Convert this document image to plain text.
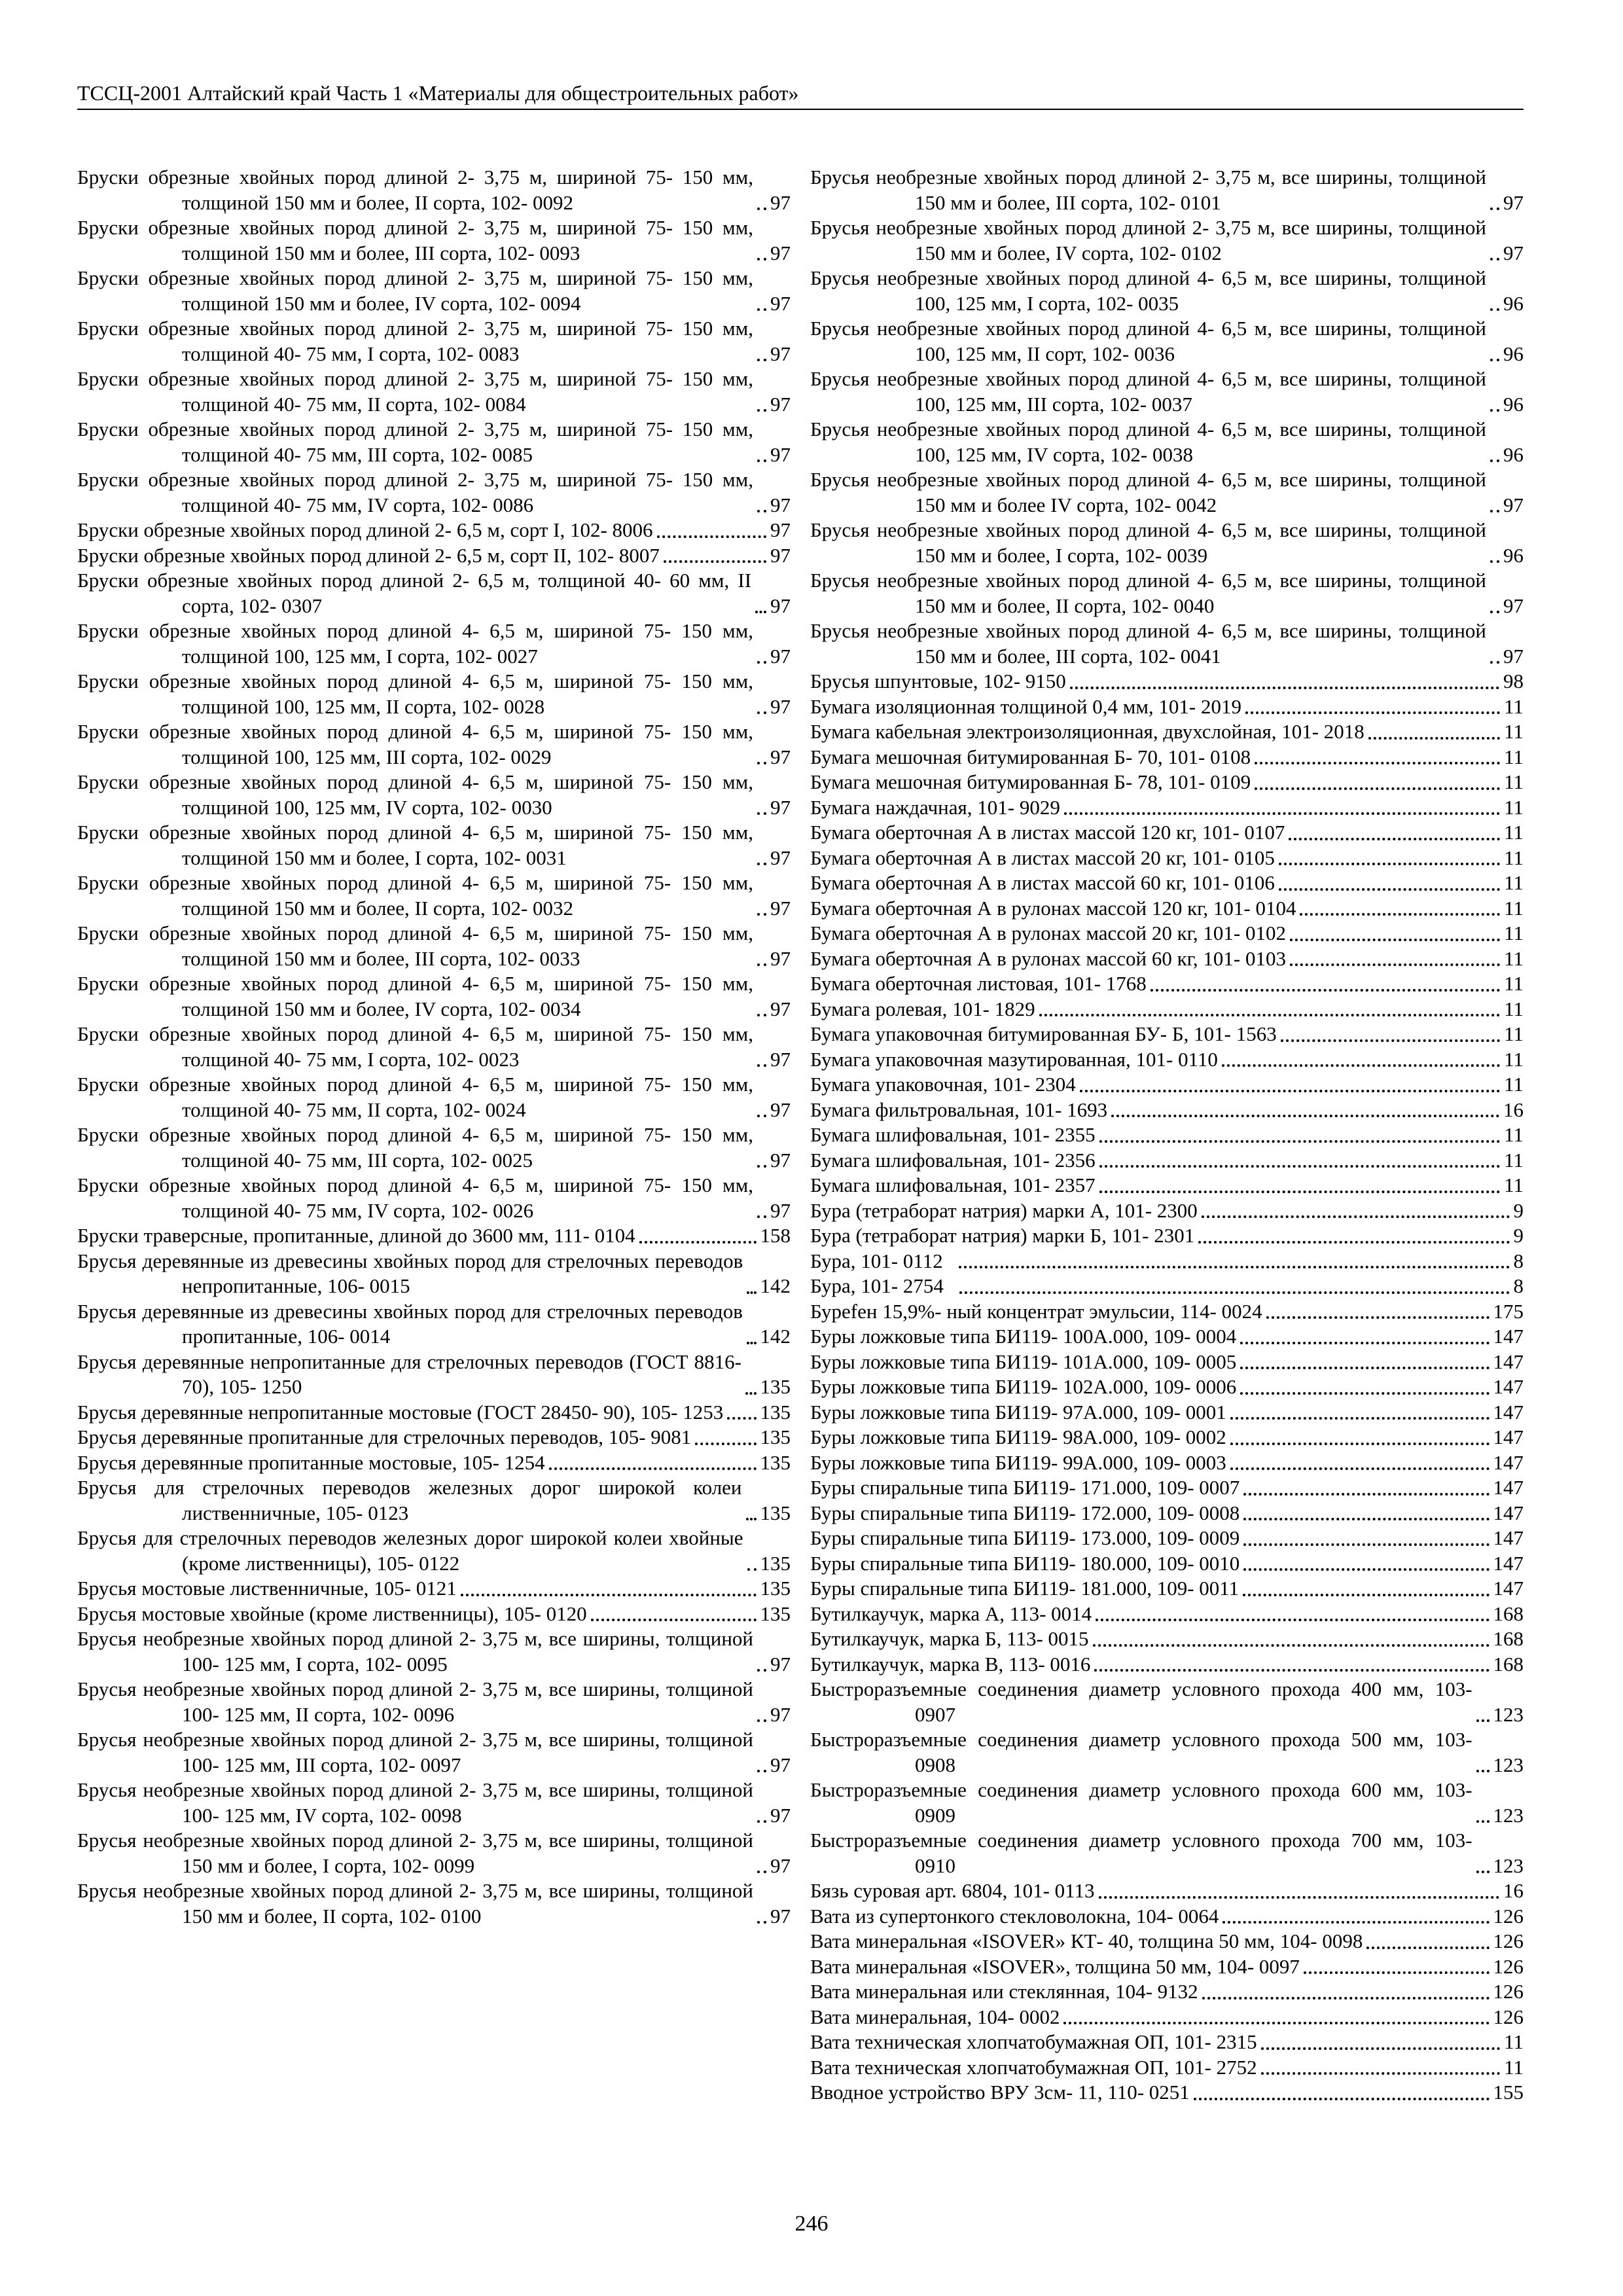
ТССЦ-2001 Алтайский край Часть 1 «Материалы для общестроительных работ»
Бруски обрезные хвойных пород длиной 2- 3,75 м, шириной 75- 150 мм, толщиной 150 мм и более, II сорта, 102- 0092	97
Бруски обрезные хвойных пород длиной 2- 3,75 м, шириной 75- 150 мм, толщиной 150 мм и более, III сорта, 102- 0093	97
Бруски обрезные хвойных пород длиной 2- 3,75 м, шириной 75- 150 мм, толщиной 150 мм и более, IV сорта, 102- 0094	97
Бруски обрезные хвойных пород длиной 2- 3,75 м, шириной 75- 150 мм, толщиной 40- 75 мм, I сорта, 102- 0083	97
Бруски обрезные хвойных пород длиной 2- 3,75 м, шириной 75- 150 мм, толщиной 40- 75 мм, II сорта, 102- 0084	97
Бруски обрезные хвойных пород длиной 2- 3,75 м, шириной 75- 150 мм, толщиной 40- 75 мм, III сорта, 102- 0085	97
Бруски обрезные хвойных пород длиной 2- 3,75 м, шириной 75- 150 мм, толщиной 40- 75 мм, IV сорта, 102- 0086	97
Бруски обрезные хвойных пород длиной 2- 6,5 м, сорт I, 102- 8006	97
Бруски обрезные хвойных пород длиной 2- 6,5 м, сорт II, 102- 8007	97
Бруски обрезные хвойных пород длиной 2- 6,5 м, толщиной 40- 60 мм, II сорта, 102- 0307	97
Бруски обрезные хвойных пород длиной 4- 6,5 м, шириной 75- 150 мм, толщиной 100, 125 мм, I сорта, 102- 0027	97
Бруски обрезные хвойных пород длиной 4- 6,5 м, шириной 75- 150 мм, толщиной 100, 125 мм, II сорта, 102- 0028	97
Бруски обрезные хвойных пород длиной 4- 6,5 м, шириной 75- 150 мм, толщиной 100, 125 мм, III сорта, 102- 0029	97
Бруски обрезные хвойных пород длиной 4- 6,5 м, шириной 75- 150 мм, толщиной 100, 125 мм, IV сорта, 102- 0030	97
Бруски обрезные хвойных пород длиной 4- 6,5 м, шириной 75- 150 мм, толщиной 150 мм и более, I сорта, 102- 0031	97
Бруски обрезные хвойных пород длиной 4- 6,5 м, шириной 75- 150 мм, толщиной 150 мм и более, II сорта, 102- 0032	97
Бруски обрезные хвойных пород длиной 4- 6,5 м, шириной 75- 150 мм, толщиной 150 мм и более, III сорта, 102- 0033	97
Бруски обрезные хвойных пород длиной 4- 6,5 м, шириной 75- 150 мм, толщиной 150 мм и более, IV сорта, 102- 0034	97
Бруски обрезные хвойных пород длиной 4- 6,5 м, шириной 75- 150 мм, толщиной 40- 75 мм, I сорта, 102- 0023	97
Бруски обрезные хвойных пород длиной 4- 6,5 м, шириной 75- 150 мм, толщиной 40- 75 мм, II сорта, 102- 0024	97
Бруски обрезные хвойных пород длиной 4- 6,5 м, шириной 75- 150 мм, толщиной 40- 75 мм, III сорта, 102- 0025	97
Бруски обрезные хвойных пород длиной 4- 6,5 м, шириной 75- 150 мм, толщиной 40- 75 мм, IV сорта, 102- 0026	97
Бруски траверсные, пропитанные, длиной до 3600 мм, 111- 0104	158
Брусья деревянные из древесины хвойных пород для стрелочных переводов непропитанные, 106- 0015	142
Брусья деревянные из древесины хвойных пород для стрелочных переводов пропитанные, 106- 0014	142
Брусья деревянные непропитанные для стрелочных переводов (ГОСТ 8816- 70), 105- 1250	135
Брусья деревянные непропитанные мостовые (ГОСТ 28450- 90), 105- 1253 135
Брусья деревянные пропитанные для стрелочных переводов, 105- 9081	135
Брусья деревянные пропитанные мостовые, 105- 1254	135
Брусья для стрелочных переводов железных дорог широкой колеи лиственничные, 105- 0123	135
Брусья для стрелочных переводов железных дорог широкой колеи хвойные (кроме лиственницы), 105- 0122	135
Брусья мостовые лиственничные, 105- 0121	135
Брусья мостовые хвойные (кроме лиственницы), 105- 0120	135
Брусья необрезные хвойных пород длиной 2- 3,75 м, все ширины, толщиной 100- 125 мм, I сорта, 102- 0095	97
Брусья необрезные хвойных пород длиной 2- 3,75 м, все ширины, толщиной 100- 125 мм, II сорта, 102- 0096	97
Брусья необрезные хвойных пород длиной 2- 3,75 м, все ширины, толщиной 100- 125 мм, III сорта, 102- 0097	97
Брусья необрезные хвойных пород длиной 2- 3,75 м, все ширины, толщиной 100- 125 мм, IV сорта, 102- 0098	97
Брусья необрезные хвойных пород длиной 2- 3,75 м, все ширины, толщиной 150 мм и более, I сорта, 102- 0099	97
Брусья необрезные хвойных пород длиной 2- 3,75 м, все ширины, толщиной 150 мм и более, II сорта, 102- 0100	97
Брусья необрезные хвойных пород длиной 2- 3,75 м, все ширины, толщиной 150 мм и более, III сорта, 102- 0101	97
Брусья необрезные хвойных пород длиной 2- 3,75 м, все ширины, толщиной 150 мм и более, IV сорта, 102- 0102	97
Брусья необрезные хвойных пород длиной 4- 6,5 м, все ширины, толщиной 100, 125 мм, I сорта, 102- 0035	96
Брусья необрезные хвойных пород длиной 4- 6,5 м, все ширины, толщиной 100, 125 мм, II сорт, 102- 0036	96
Брусья необрезные хвойных пород длиной 4- 6,5 м, все ширины, толщиной 100, 125 мм, III сорта, 102- 0037	96
Брусья необрезные хвойных пород длиной 4- 6,5 м, все ширины, толщиной 100, 125 мм, IV сорта, 102- 0038	96
Брусья необрезные хвойных пород длиной 4- 6,5 м, все ширины, толщиной 150 мм и более IV сорта, 102- 0042	97
Брусья необрезные хвойных пород длиной 4- 6,5 м, все ширины, толщиной 150 мм и более, I сорта, 102- 0039	96
Брусья необрезные хвойных пород длиной 4- 6,5 м, все ширины, толщиной 150 мм и более, II сорта, 102- 0040	97
Брусья необрезные хвойных пород длиной 4- 6,5 м, все ширины, толщиной 150 мм и более, III сорта, 102- 0041	97
Брусья шпунтовые, 102- 9150	98
Бумага изоляционная толщиной 0,4 мм, 101- 2019	11
Бумага кабельная электроизоляционная, двухслойная, 101- 2018	11
Бумага мешочная битумированная Б- 70, 101- 0108	11
Бумага мешочная битумированная Б- 78, 101- 0109	11
Бумага наждачная, 101- 9029	11
Бумага оберточная А в листах массой 120 кг, 101- 0107	11
Бумага оберточная А в листах массой 20 кг, 101- 0105	11
Бумага оберточная А в листах массой 60 кг, 101- 0106	11
Бумага оберточная А в рулонах массой 120 кг, 101- 0104	11
Бумага оберточная А в рулонах массой 20 кг, 101- 0102	11
Бумага оберточная А в рулонах массой 60 кг, 101- 0103	11
Бумага оберточная листовая, 101- 1768	11
Бумага ролевая, 101- 1829	11
Бумага упаковочная битумированная БУ- Б, 101- 1563	11
Бумага упаковочная мазутированная, 101- 0110	11
Бумага упаковочная, 101- 2304	11
Бумага фильтровальная, 101- 1693	16
Бумага шлифовальная, 101- 2355	11
Бумага шлифовальная, 101- 2356	11
Бумага шлифовальная, 101- 2357	11
Бура (тетраборат натрия) марки А, 101- 2300	9
Бура (тетраборат натрия) марки Б, 101- 2301	9
Бура, 101- 0112	8
Бура, 101- 2754	8
Буреfен 15,9%- ный концентрат эмульсии, 114- 0024	175
Буры ложковые типа БИ119- 100А.000, 109- 0004	147
Буры ложковые типа БИ119- 101А.000, 109- 0005	147
Буры ложковые типа БИ119- 102А.000, 109- 0006	147
Буры ложковые типа БИ119- 97А.000, 109- 0001	147
Буры ложковые типа БИ119- 98А.000, 109- 0002	147
Буры ложковые типа БИ119- 99А.000, 109- 0003	147
Буры спиральные типа БИ119- 171.000, 109- 0007	147
Буры спиральные типа БИ119- 172.000, 109- 0008	147
Буры спиральные типа БИ119- 173.000, 109- 0009	147
Буры спиральные типа БИ119- 180.000, 109- 0010	147
Буры спиральные типа БИ119- 181.000, 109- 0011	147
Бутилкаучук, марка А, 113- 0014	168
Бутилкаучук, марка Б, 113- 0015	168
Бутилкаучук, марка В, 113- 0016	168
Быстроразъемные соединения диаметр условного прохода 400 мм, 103- 0907	123
Быстроразъемные соединения диаметр условного прохода 500 мм, 103- 0908	123
Быстроразъемные соединения диаметр условного прохода 600 мм, 103- 0909	123
Быстроразъемные соединения диаметр условного прохода 700 мм, 103- 0910	123
Бязь суровая арт. 6804, 101- 0113	16
Вата из супертонкого стекловолокна, 104- 0064	126
Вата минеральная «ISOVER» КТ- 40, толщина 50 мм, 104- 0098	126
Вата минеральная «ISOVER», толщина 50 мм, 104- 0097	126
Вата минеральная или стеклянная, 104- 9132	126
Вата минеральная, 104- 0002	126
Вата техническая хлопчатобумажная ОП, 101- 2315	11
Вата техническая хлопчатобумажная ОП, 101- 2752	11
Вводное устройство ВРУ 3см- 11, 110- 0251	155
246
